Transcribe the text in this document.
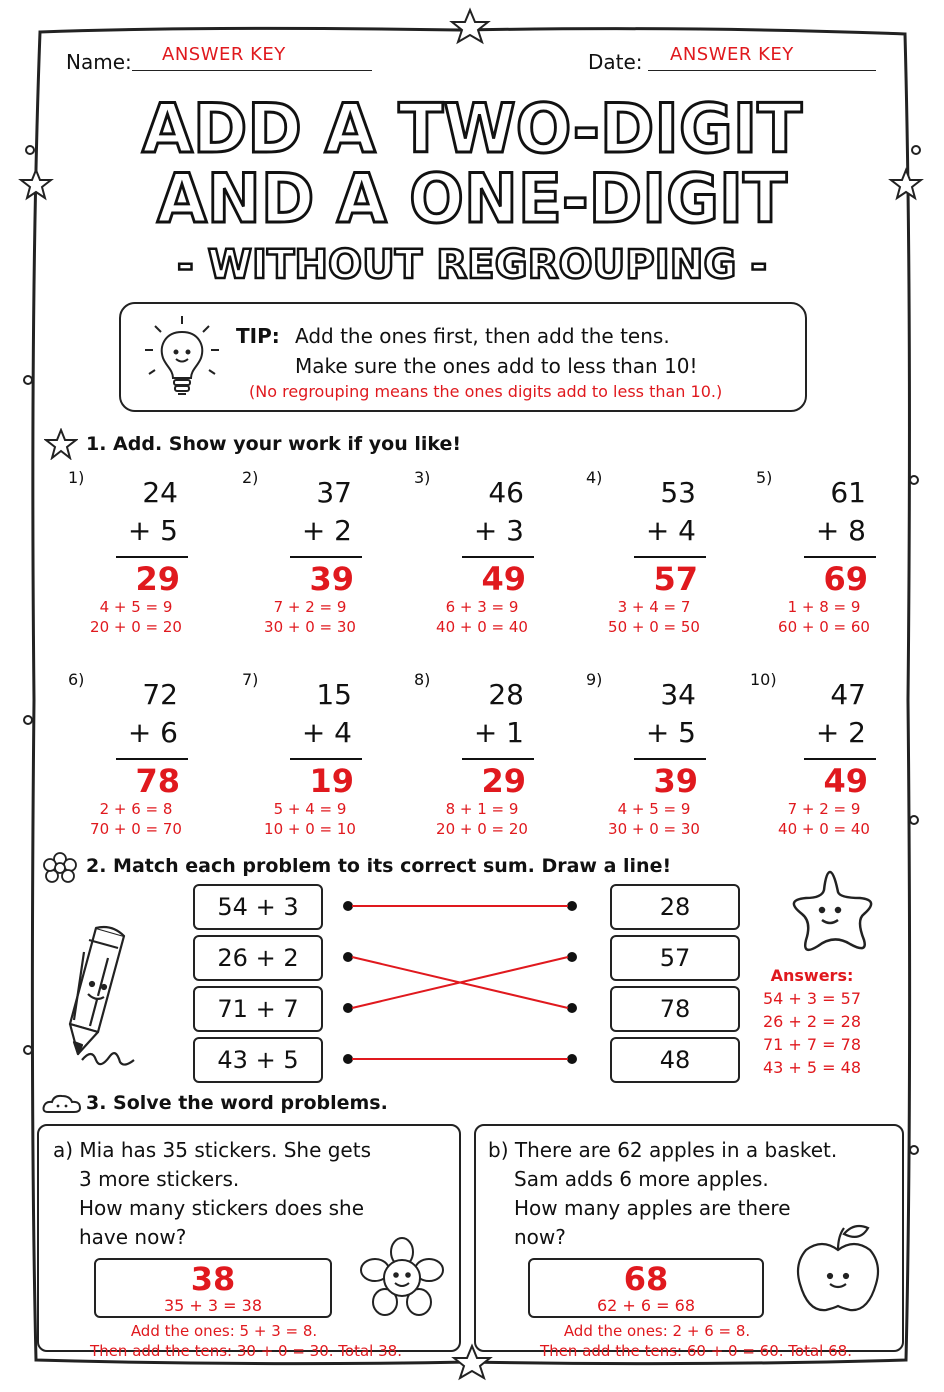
Name: ANSWER KEY	Date: ANSWER KEY
ADD A TWO-DIGIT
AND A ONE-DIGIT
- WITHOUT REGROUPING -
TIP: Add the ones first, then add the tens.
Make sure the ones add to less than 10!
(No regrouping means the ones digits add to less than 10.)
1. Add. Show your work if you like!
1) 24
+ 5
29
4 + 5 = 9
20 + 0 = 20
2) 37
+ 2
39
7 + 2 = 9
30 + 0 = 30
3) 46
+ 3
49
6 + 3 = 9
40 + 0 = 40
4) 53
+ 4
57
3 + 4 = 7
50 + 0 = 50
5) 61
+ 8
69
1 + 8 = 9
60 + 0 = 60
6) 72
+ 6
78
2 + 6 = 8
70 + 0 = 70
7) 15
+ 4
19
5 + 4 = 9
10 + 0 = 10
8) 28
+ 1
29
8 + 1 = 9
20 + 0 = 20
9) 34
+ 5
39
4 + 5 = 9
30 + 0 = 30
10) 47
+ 2
49
7 + 2 = 9
40 + 0 = 40
2. Match each problem to its correct sum. Draw a line!
54 + 3
26 + 2
71 + 7
43 + 5
28
57
78
48
Answers:
54 + 3 = 57
26 + 2 = 28
71 + 7 = 78
43 + 5 = 48
3. Solve the word problems.
a) Mia has 35 stickers. She gets
3 more stickers.
How many stickers does she
have now?
38
35 + 3 = 38
Add the ones: 5 + 3 = 8.
Then add the tens: 30 + 0 = 30. Total 38.
b) There are 62 apples in a basket.
Sam adds 6 more apples.
How many apples are there
now?
68
62 + 6 = 68
Add the ones: 2 + 6 = 8.
Then add the tens: 60 + 0 = 60. Total 68.
